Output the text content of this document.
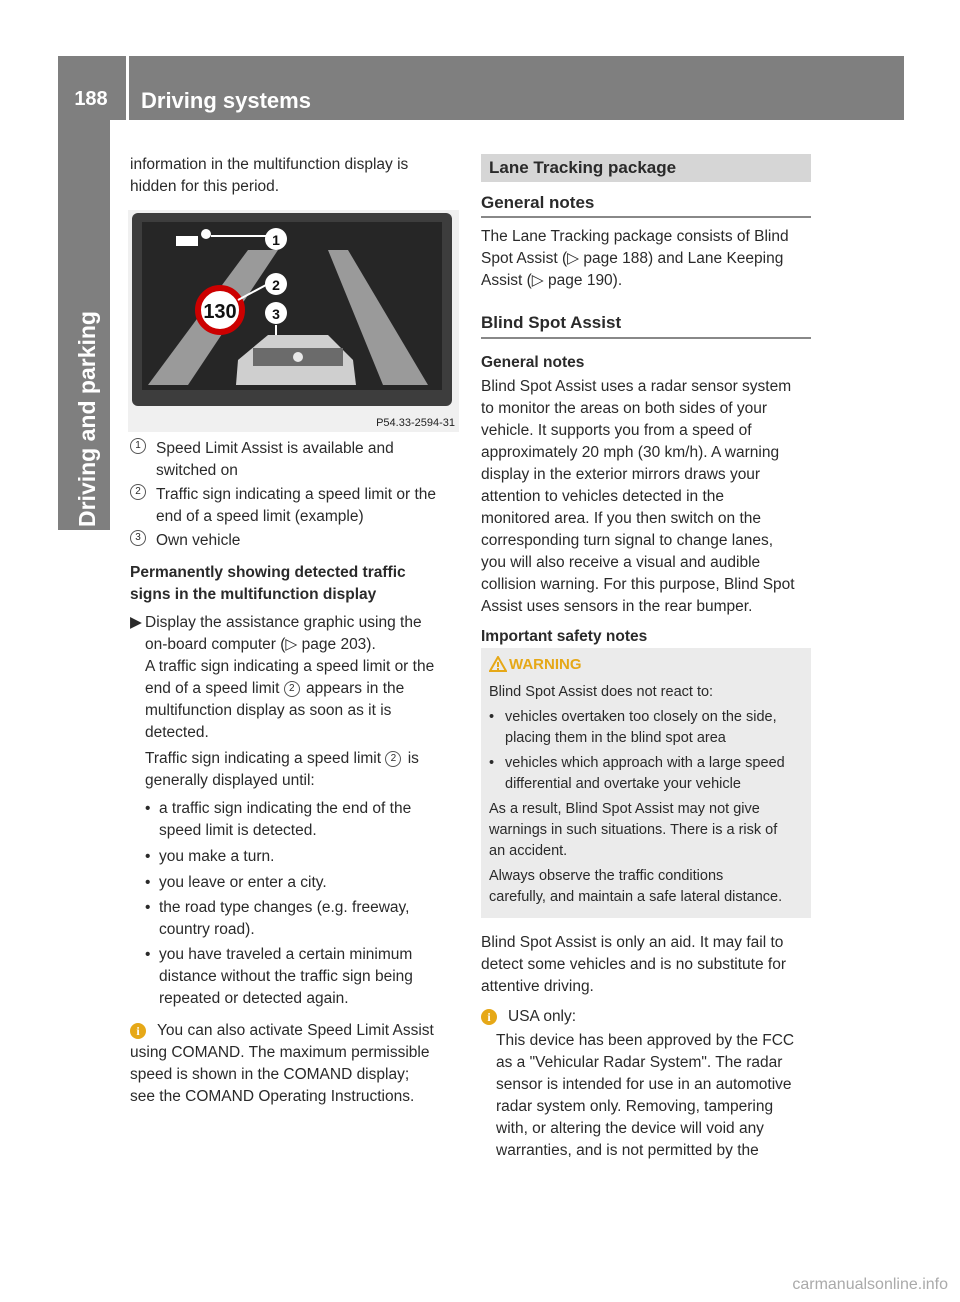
188	Driving systems
Driving and parking
information in the multifunction display is
hidden for this period.
130
1
2
3
P54.33-2594-31
1 Speed Limit Assist is available and
switched on
2 Traffic sign indicating a speed limit or the
end of a speed limit (example)
3 Own vehicle
Permanently showing detected traffic
signs in the multifunction display
▶ Display the assistance graphic using the
on-board computer (▷ page 203).
A traffic sign indicating a speed limit or the
end of a speed limit 2 appears in the
multifunction display as soon as it is
detected.
Traffic sign indicating a speed limit 2 is
generally displayed until:
• a traffic sign indicating the end of the
speed limit is detected.
• you make a turn.
• you leave or enter a city.
• the road type changes (e.g. freeway,
country road).
• you have traveled a certain minimum
distance without the traffic sign being
repeated or detected again.
i	You can also activate Speed Limit Assist
using COMAND. The maximum permissible
speed is shown in the COMAND display;
see the COMAND Operating Instructions.
Lane Tracking package
General notes
The Lane Tracking package consists of Blind
Spot Assist (▷ page 188) and Lane Keeping
Assist (▷ page 190).
Blind Spot Assist
General notes
Blind Spot Assist uses a radar sensor system
to monitor the areas on both sides of your
vehicle. It supports you from a speed of
approximately 20 mph (30 km/h). A warning
display in the exterior mirrors draws your
attention to vehicles detected in the
monitored area. If you then switch on the
corresponding turn signal to change lanes,
you will also receive a visual and audible
collision warning. For this purpose, Blind Spot
Assist uses sensors in the rear bumper.
Important safety notes
WARNING
Blind Spot Assist does not react to:
• vehicles overtaken too closely on the side,
placing them in the blind spot area
• vehicles which approach with a large speed
differential and overtake your vehicle
As a result, Blind Spot Assist may not give
warnings in such situations. There is a risk of
an accident.
Always observe the traffic conditions
carefully, and maintain a safe lateral distance.
Blind Spot Assist is only an aid. It may fail to
detect some vehicles and is no substitute for
attentive driving.
i	USA only:
This device has been approved by the FCC
as a "Vehicular Radar System". The radar
sensor is intended for use in an automotive
radar system only. Removing, tampering
with, or altering the device will void any
warranties, and is not permitted by the
carmanualsonline.info
